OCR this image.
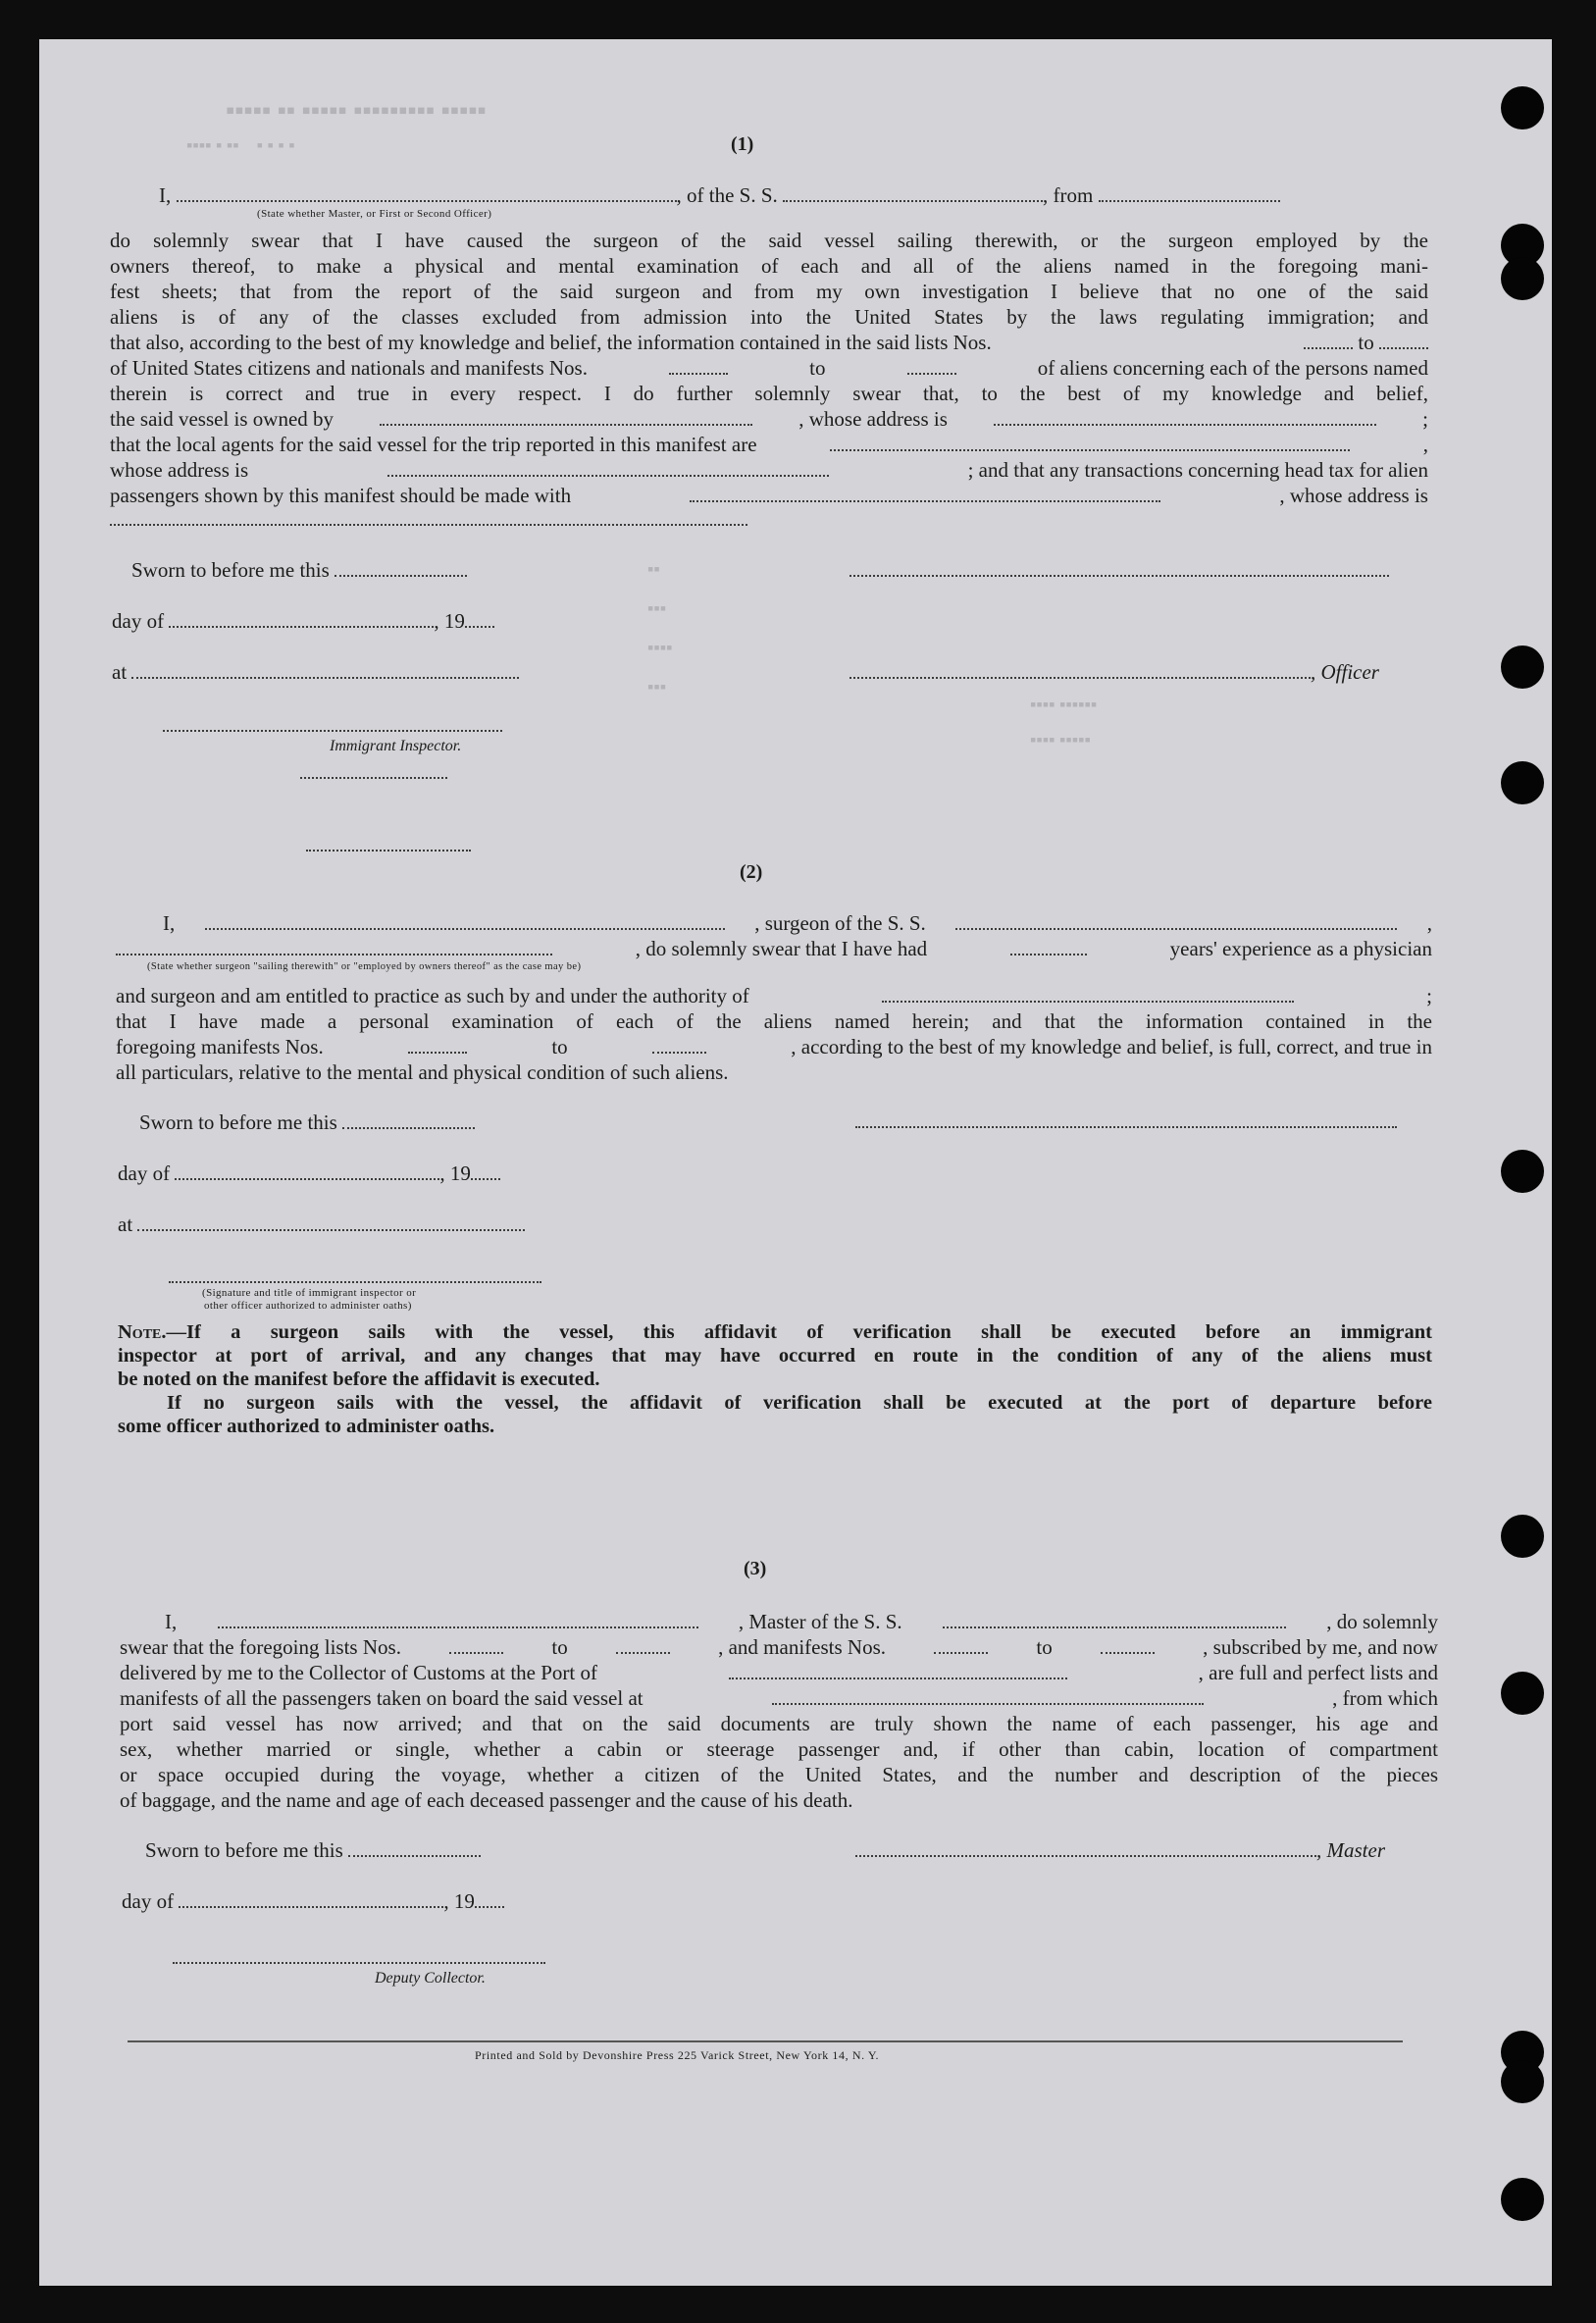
▪▪▪▪▪ ▪▪ ▪▪▪▪▪ ▪▪▪▪▪▪▪▪▪ ▪▪▪▪▪
▪▪▪▪ ▪ ▪▪    ▪ ▪ ▪ ▪
▪▪
▪▪▪
▪▪▪▪
▪▪▪
▪▪▪▪ ▪▪▪▪▪▪
▪▪▪▪ ▪▪▪▪▪
(1)
I,	, of the S. S.	, from
(State whether Master, or First or Second Officer)
do solemnly swear that I have caused the surgeon of the said vessel sailing therewith, or the surgeon employed by the
owners thereof, to make a physical and mental examination of each and all of the aliens named in the foregoing mani-
fest sheets; that from the report of the said surgeon and from my own investigation I believe that no one of the said
aliens is of any of the classes excluded from admission into the United States by the laws regulating immigration; and
that also, according to the best of my knowledge and belief, the information contained in the said lists Nos.	to
of United States citizens and nationals and manifests Nos.	to	of aliens concerning each of the persons named
therein is correct and true in every respect. I do further solemnly swear that, to the best of my knowledge and belief,
the said vessel is owned by	, whose address is	;
that the local agents for the said vessel for the trip reported in this manifest are	,
whose address is	; and that any transactions concerning head tax for alien
passengers shown by this manifest should be made with	, whose address is
Sworn to before me this
day of	, 19
at	, Officer
Immigrant Inspector.
(2)
I,	, surgeon of the S. S.	,
, do solemnly swear that I have had	years' experience as a physician
(State whether surgeon "sailing therewith" or "employed by owners thereof" as the case may be)
and surgeon and am entitled to practice as such by and under the authority of	;
that I have made a personal examination of each of the aliens named herein; and that the information contained in the
foregoing manifests Nos.	to	, according to the best of my knowledge and belief, is full, correct, and true in
all particulars, relative to the mental and physical condition of such aliens.
Sworn to before me this
day of	, 19
at
(Signature and title of immigrant inspector or
other officer authorized to administer oaths)
Note. —If a surgeon sails with the vessel, this affidavit of verification shall be executed before an immigrant
inspector at port of arrival, and any changes that may have occurred en route in the condition of any of the aliens must
be noted on the manifest before the affidavit is executed.
If no surgeon sails with the vessel, the affidavit of verification shall be executed at the port of departure before
some officer authorized to administer oaths.
(3)
I,	, Master of the S. S.	, do solemnly
swear that the foregoing lists Nos.	to	, and manifests Nos.	to	, subscribed by me, and now
delivered by me to the Collector of Customs at the Port of	, are full and perfect lists and
manifests of all the passengers taken on board the said vessel at	, from which
port said vessel has now arrived; and that on the said documents are truly shown the name of each passenger, his age and
sex, whether married or single, whether a cabin or steerage passenger and, if other than cabin, location of compartment
or space occupied during the voyage, whether a citizen of the United States, and the number and description of the pieces
of baggage, and the name and age of each deceased passenger and the cause of his death.
Sworn to before me this	, Master
day of	, 19
Deputy Collector.
Printed and Sold by Devonshire Press 225 Varick Street, New York 14, N. Y.
